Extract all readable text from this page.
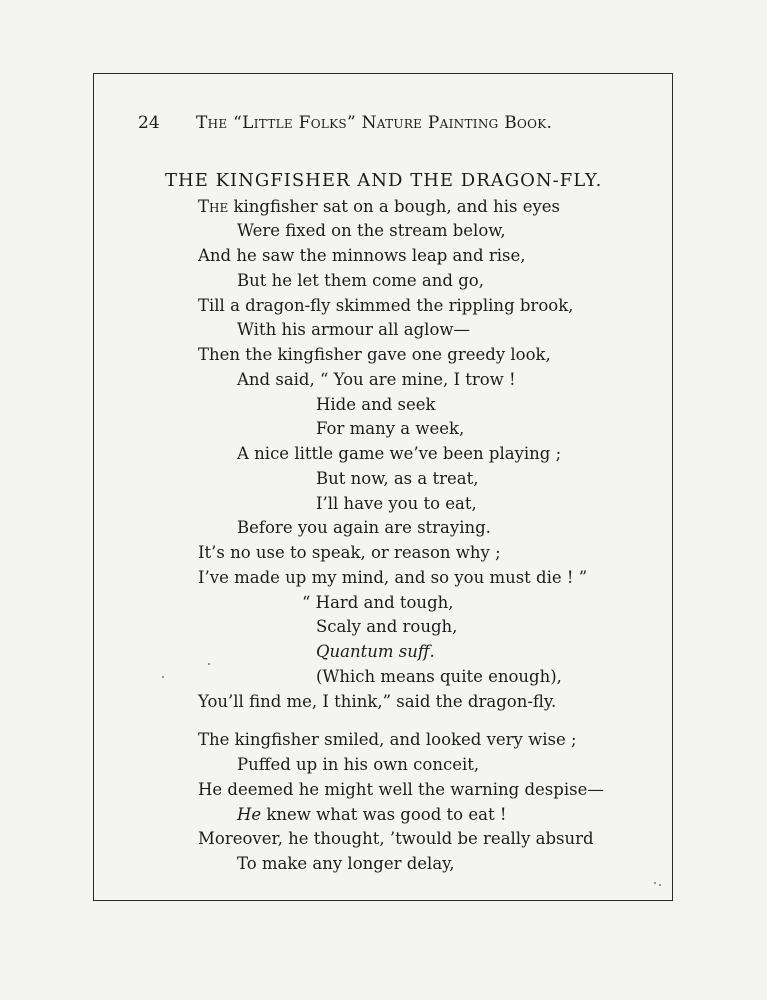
24 The “Little Folks” Nature Painting Book.
THE KINGFISHER AND THE DRAGON-FLY.
The kingfisher sat on a bough, and his eyes
Were fixed on the stream below,
And he saw the minnows leap and rise,
But he let them come and go,
Till a dragon-fly skimmed the rippling brook,
With his armour all aglow—
Then the kingfisher gave one greedy look,
And said, “ You are mine, I trow !
Hide and seek
For many a week,
A nice little game we’ve been playing ;
But now, as a treat,
I’ll have you to eat,
Before you again are straying.
It’s no use to speak, or reason why ;
I’ve made up my mind, and so you must die ! ”
“ Hard and tough,
Scaly and rough,
Quantum suff.
(Which means quite enough),
You’ll find me, I think,” said the dragon-fly.
The kingfisher smiled, and looked very wise ;
Puffed up in his own conceit,
He deemed he might well the warning despise—
He knew what was good to eat !
Moreover, he thought, ’twould be really absurd
To make any longer delay,
